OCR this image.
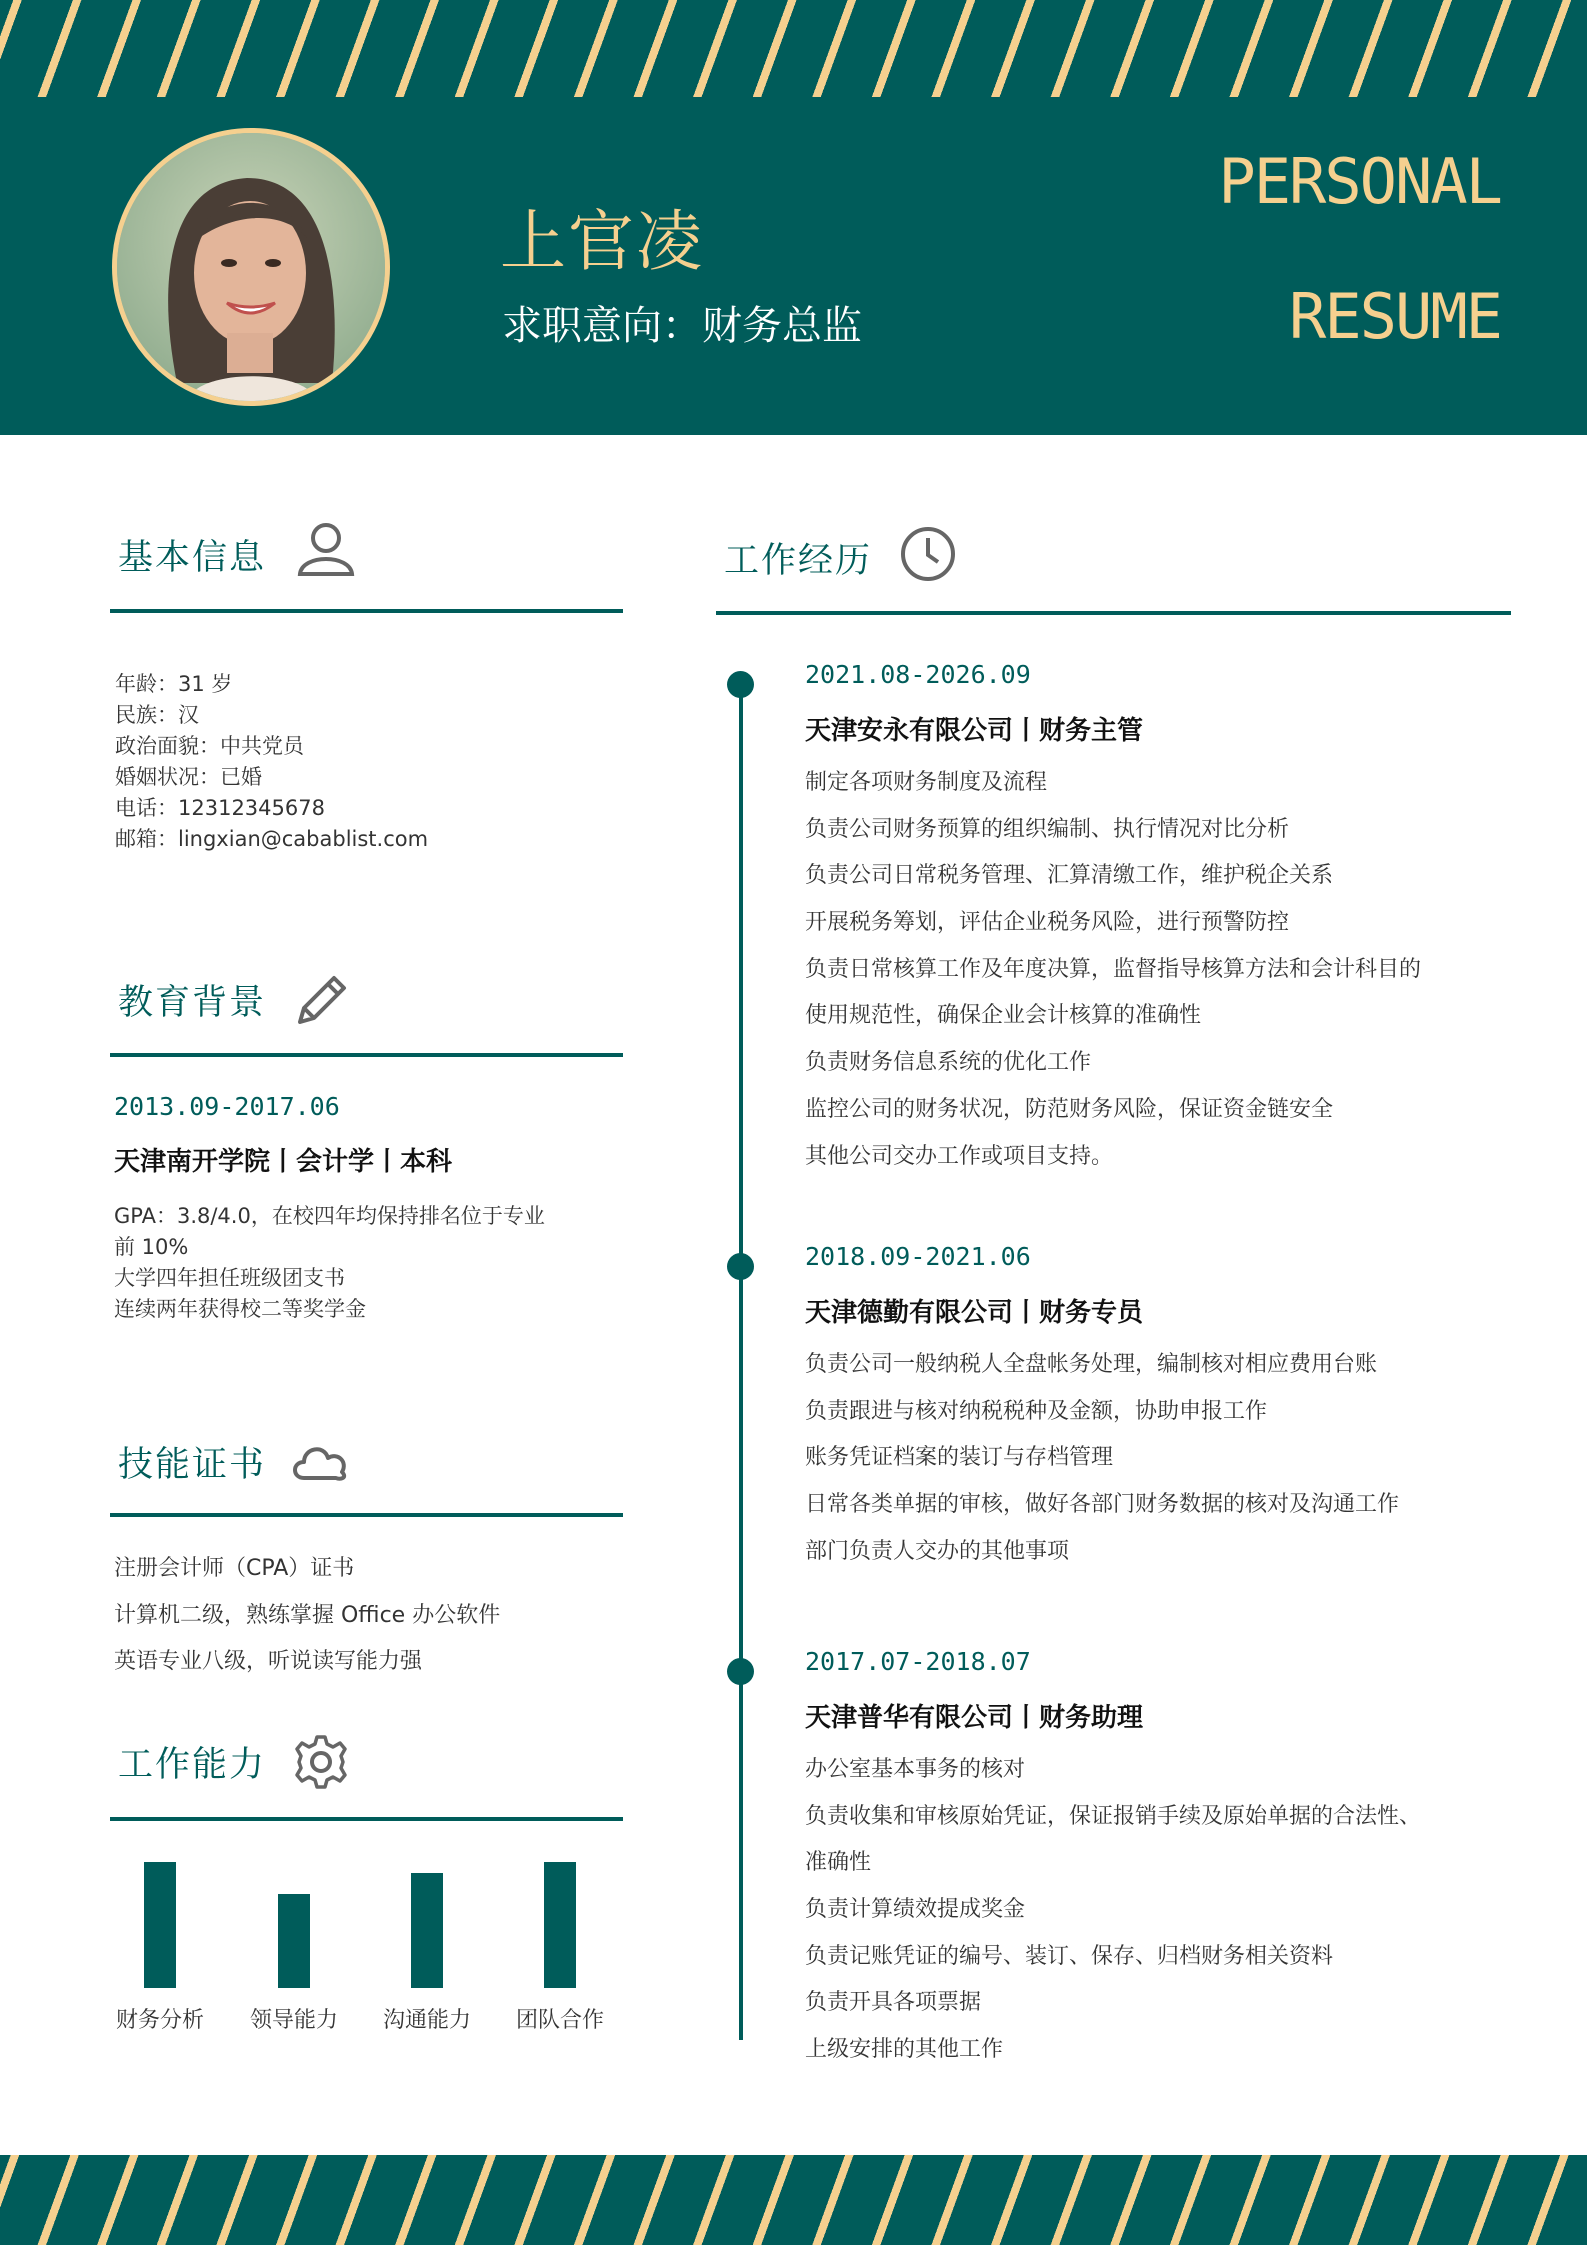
上官凌
求职意向：财务总监
PERSONAL
RESUME
基本信息
年龄：31 岁
民族：汉
政治面貌：中共党员
婚姻状况：已婚
电话：12312345678
邮箱：lingxian@cabablist.com
教育背景
2013.09-2017.06
天津南开学院丨会计学丨本科
GPA：3.8/4.0，在校四年均保持排名位于专业
前 10%
大学四年担任班级团支书
连续两年获得校二等奖学金
技能证书
注册会计师（CPA）证书
计算机二级，熟练掌握 Office 办公软件
英语专业八级，听说读写能力强
工作能力
财务分析	领导能力	沟通能力	团队合作
工作经历
2021.08-2026.09
天津安永有限公司丨财务主管
制定各项财务制度及流程
负责公司财务预算的组织编制、执行情况对比分析
负责公司日常税务管理、汇算清缴工作，维护税企关系
开展税务筹划，评估企业税务风险，进行预警防控
负责日常核算工作及年度决算，监督指导核算方法和会计科目的
使用规范性，确保企业会计核算的准确性
负责财务信息系统的优化工作
监控公司的财务状况，防范财务风险，保证资金链安全
其他公司交办工作或项目支持。
2018.09-2021.06
天津德勤有限公司丨财务专员
负责公司一般纳税人全盘帐务处理，编制核对相应费用台账
负责跟进与核对纳税税种及金额，协助申报工作
账务凭证档案的装订与存档管理
日常各类单据的审核，做好各部门财务数据的核对及沟通工作
部门负责人交办的其他事项
2017.07-2018.07
天津普华有限公司丨财务助理
办公室基本事务的核对
负责收集和审核原始凭证，保证报销手续及原始单据的合法性、
准确性
负责计算绩效提成奖金
负责记账凭证的编号、装订、保存、归档财务相关资料
负责开具各项票据
上级安排的其他工作
